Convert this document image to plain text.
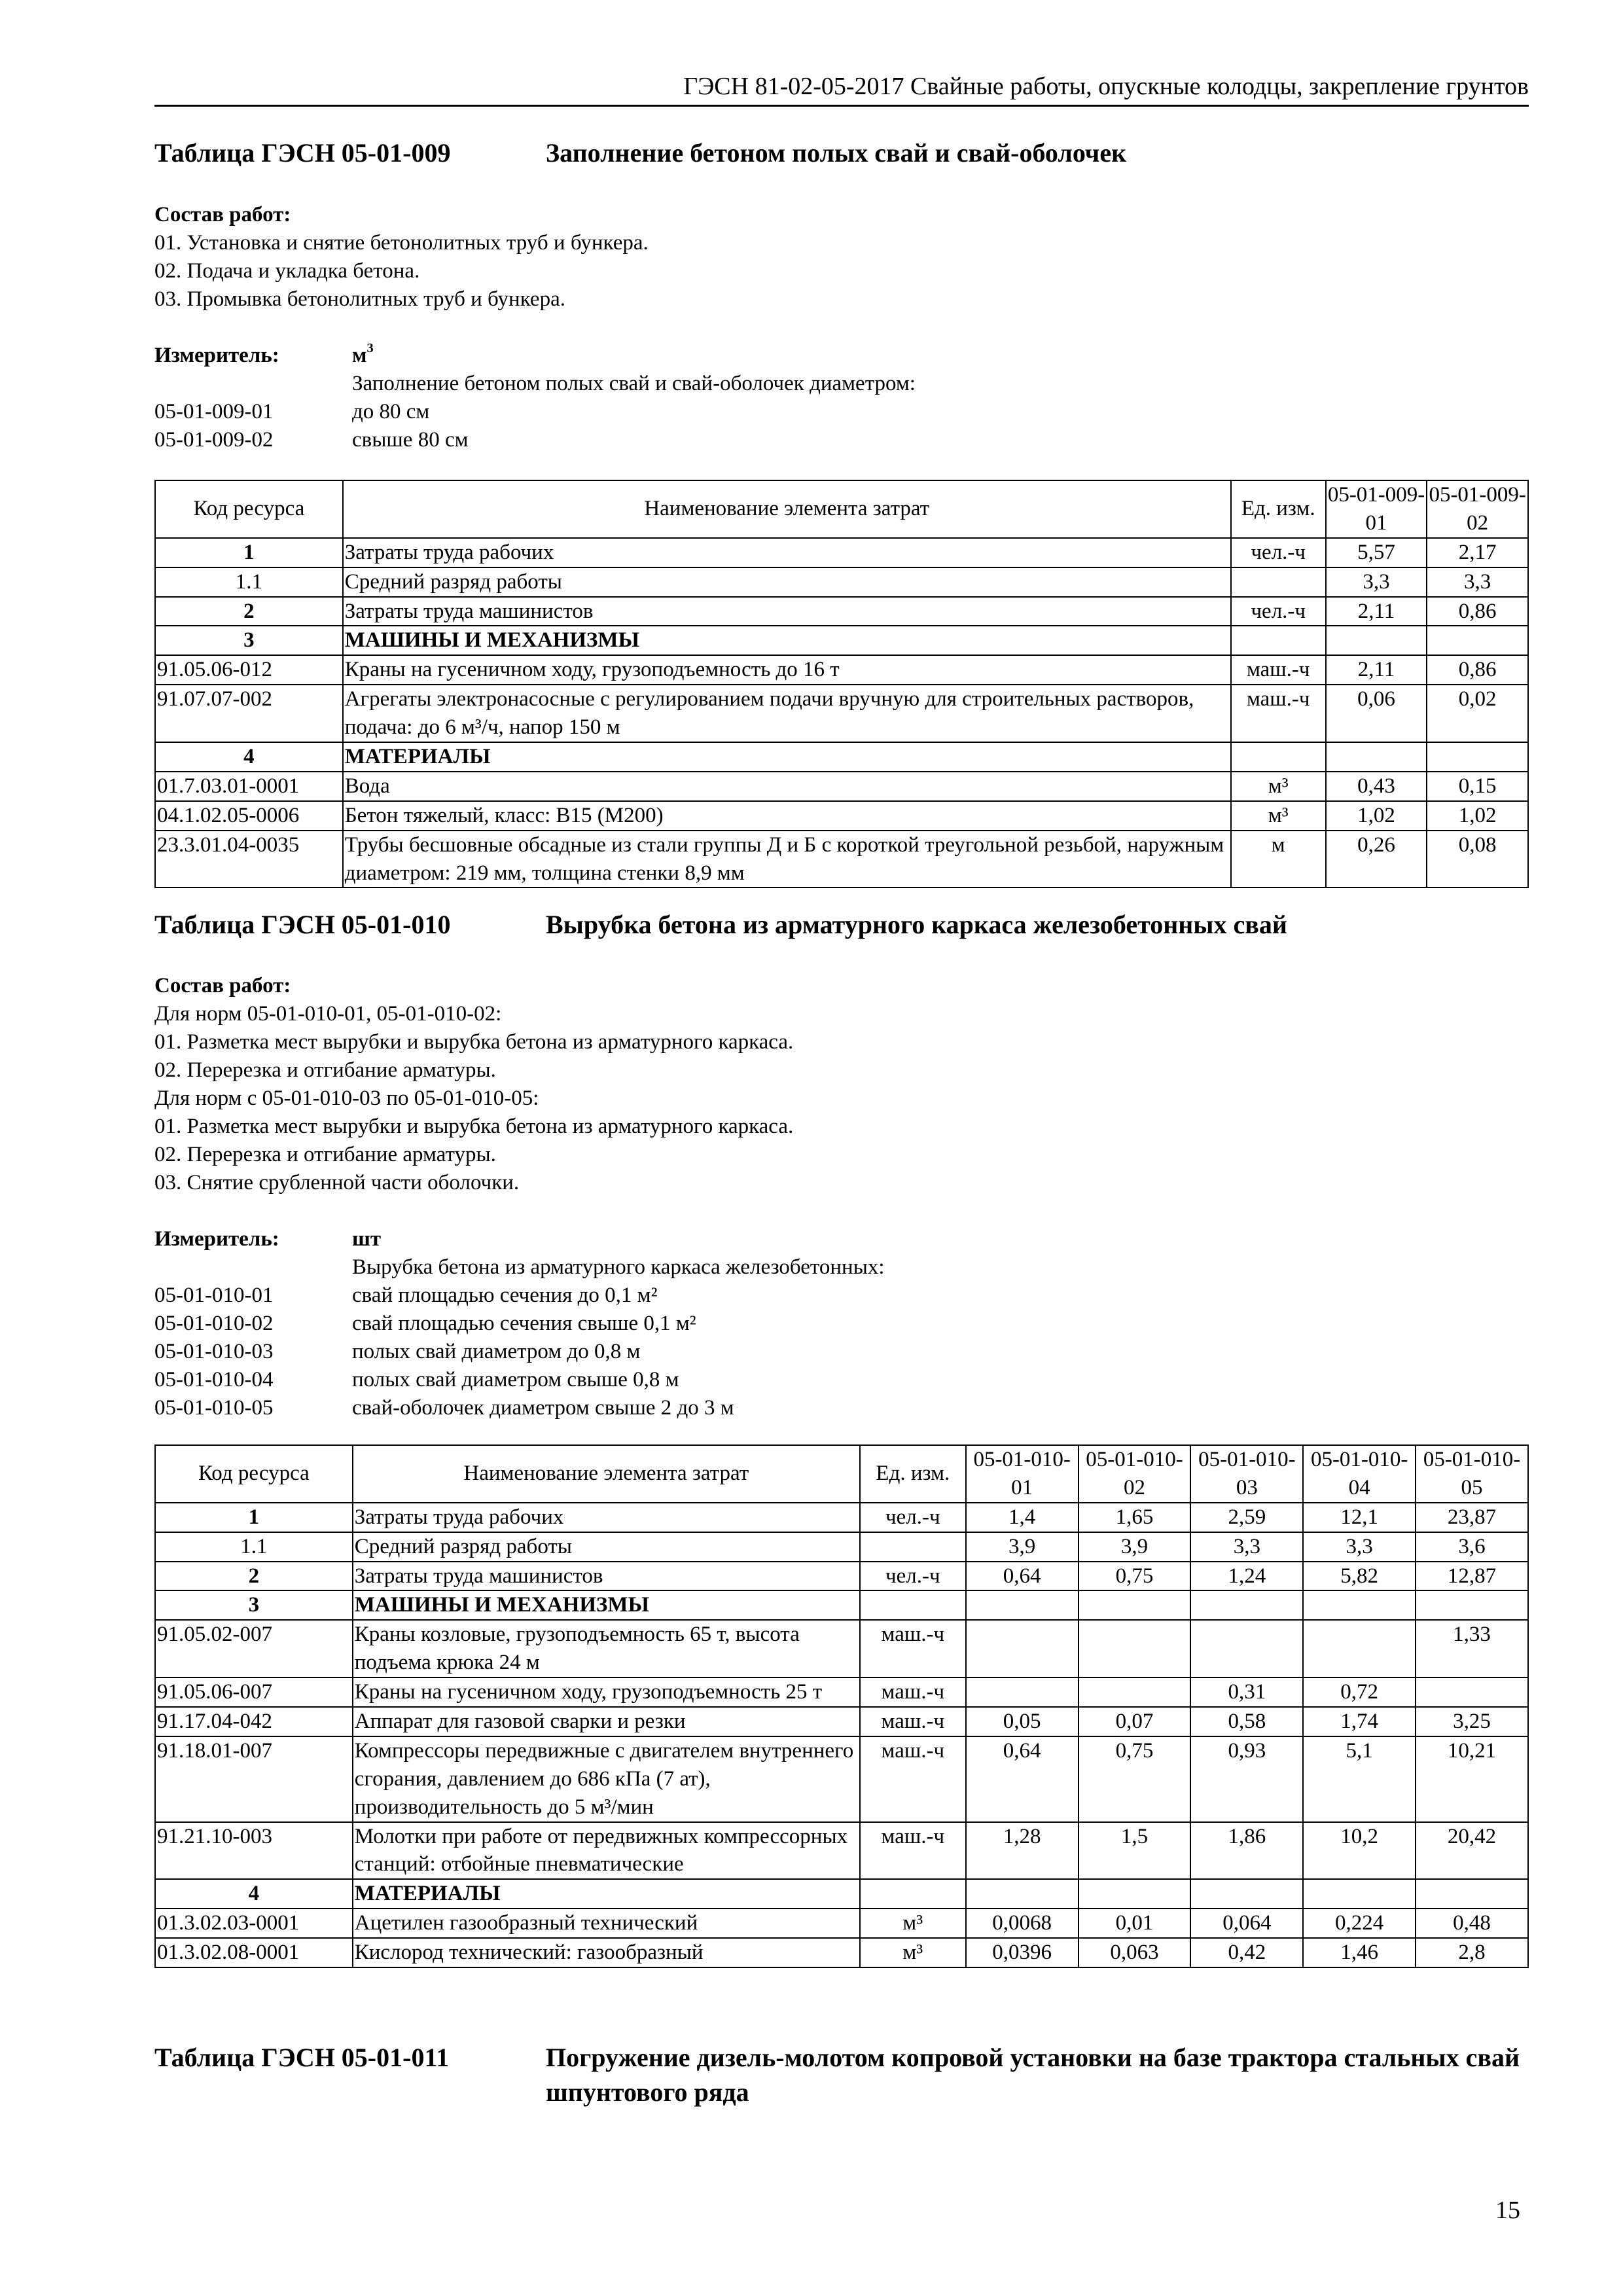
ГЭСН 81-02-05-2017 Свайные работы, опускные колодцы, закрепление грунтов
Таблица ГЭСН 05-01-009	Заполнение бетоном полых свай и свай-оболочек
Состав работ:
01. Установка и снятие бетонолитных труб и бункера.
02. Подача и укладка бетона.
03. Промывка бетонолитных труб и бункера.
Измеритель:	$м^3$
Заполнение бетоном полых свай и свай-оболочек диаметром:
05-01-009-01	до 80 см
05-01-009-02	свыше 80 см
Код ресурса	Наименование элемента затрат	Ед. изм.	05-01-009-01	05-01-009-02
1	Затраты труда рабочих	чел.-ч	5,57	2,17
1.1	Средний разряд работы		3,3	3,3
2	Затраты труда машинистов	чел.-ч	2,11	0,86
3	МАШИНЫ И МЕХАНИЗМЫ			
91.05.06-012	Краны на гусеничном ходу, грузоподъемность до 16 т	маш.-ч	2,11	0,86
91.07.07-002	Агрегаты электронасосные с регулированием подачи вручную для строительных растворов, подача: до 6 м³/ч, напор 150 м	маш.-ч	0,06	0,02
4	МАТЕРИАЛЫ			
01.7.03.01-0001	Вода	м³	0,43	0,15
04.1.02.05-0006	Бетон тяжелый, класс: В15 (М200)	м³	1,02	1,02
23.3.01.04-0035	Трубы бесшовные обсадные из стали группы Д и Б с короткой треугольной резьбой, наружным диаметром: 219 мм, толщина стенки 8,9 мм	м	0,26	0,08
Таблица ГЭСН 05-01-010	Вырубка бетона из арматурного каркаса железобетонных свай
Состав работ:
Для норм 05-01-010-01, 05-01-010-02:
01. Разметка мест вырубки и вырубка бетона из арматурного каркаса.
02. Перерезка и отгибание арматуры.
Для норм с 05-01-010-03 по 05-01-010-05:
01. Разметка мест вырубки и вырубка бетона из арматурного каркаса.
02. Перерезка и отгибание арматуры.
03. Снятие срубленной части оболочки.
Измеритель:	шт
Вырубка бетона из арматурного каркаса железобетонных:
05-01-010-01	свай площадью сечения до 0,1 м²
05-01-010-02	свай площадью сечения свыше 0,1 м²
05-01-010-03	полых свай диаметром до 0,8 м
05-01-010-04	полых свай диаметром свыше 0,8 м
05-01-010-05	свай-оболочек диаметром свыше 2 до 3 м
Код ресурса	Наименование элемента затрат	Ед. изм.	05-01-010-01	05-01-010-02	05-01-010-03	05-01-010-04	05-01-010-05
1	Затраты труда рабочих	чел.-ч	1,4	1,65	2,59	12,1	23,87
1.1	Средний разряд работы		3,9	3,9	3,3	3,3	3,6
2	Затраты труда машинистов	чел.-ч	0,64	0,75	1,24	5,82	12,87
3	МАШИНЫ И МЕХАНИЗМЫ						
91.05.02-007	Краны козловые, грузоподъемность 65 т, высота подъема крюка 24 м	маш.-ч					1,33
91.05.06-007	Краны на гусеничном ходу, грузоподъемность 25 т	маш.-ч			0,31	0,72	
91.17.04-042	Аппарат для газовой сварки и резки	маш.-ч	0,05	0,07	0,58	1,74	3,25
91.18.01-007	Компрессоры передвижные с двигателем внутреннего сгорания, давлением до 686 кПа (7 ат), производительность до 5 м³/мин	маш.-ч	0,64	0,75	0,93	5,1	10,21
91.21.10-003	Молотки при работе от передвижных компрессорных станций: отбойные пневматические	маш.-ч	1,28	1,5	1,86	10,2	20,42
4	МАТЕРИАЛЫ						
01.3.02.03-0001	Ацетилен газообразный технический	м³	0,0068	0,01	0,064	0,224	0,48
01.3.02.08-0001	Кислород технический: газообразный	м³	0,0396	0,063	0,42	1,46	2,8
Таблица ГЭСН 05-01-011	Погружение дизель-молотом копровой установки на базе трактора стальных свай шпунтового ряда
15
